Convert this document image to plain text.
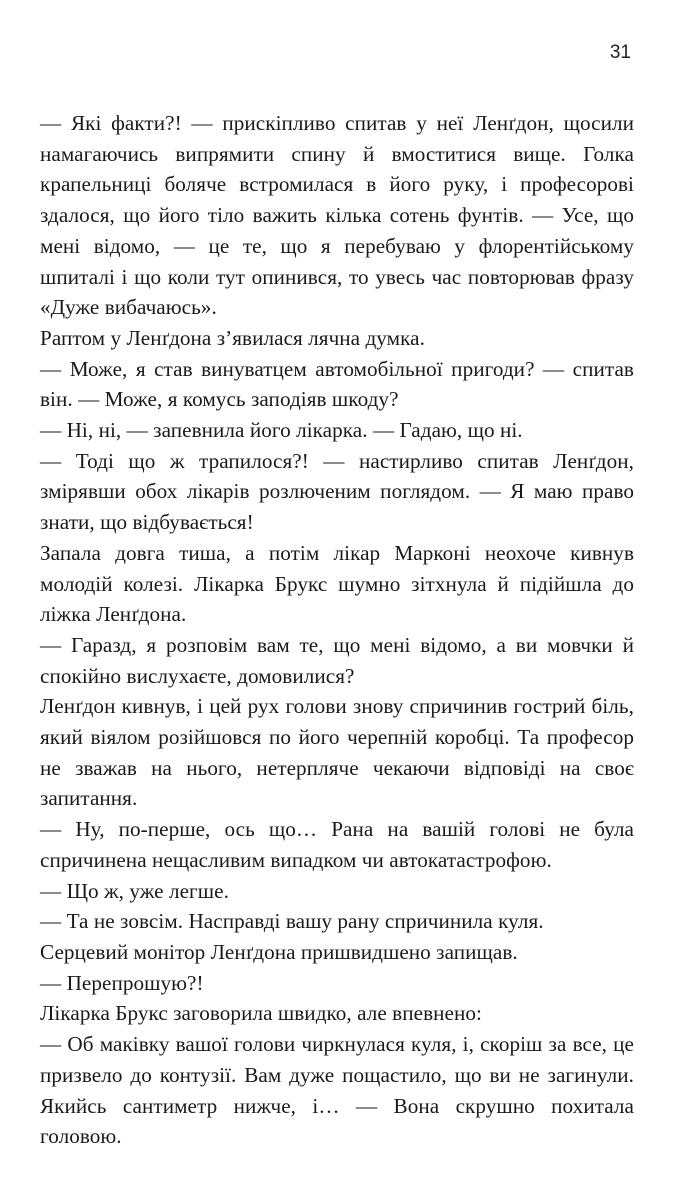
31

— Які факти?! — прискіпливо спитав у неї Ленґдон, щосили намагаючись випрямити спину й вмоститися вище. Голка крапельниці боляче встромилася в його руку, і професорові здалося, що його тіло важить кілька сотень фунтів. — Усе, що мені відомо, — це те, що я перебуваю у флорентійському шпиталі і що коли тут опинився, то увесь час повторював фразу «Дуже вибачаюсь».

Раптом у Ленґдона з’явилася лячна думка.

— Може, я став винуватцем автомобільної пригоди? — спитав він. — Може, я комусь заподіяв шкоду?

— Ні, ні, — запевнила його лікарка. — Гадаю, що ні.

— Тоді що ж трапилося?! — настирливо спитав Ленґдон, змірявши обох лікарів розлюченим поглядом. — Я маю право знати, що відбувається!

Запала довга тиша, а потім лікар Марконі неохоче кивнув молодій колезі. Лікарка Брукс шумно зітхнула й підійшла до ліжка Ленґдона.

— Гаразд, я розповім вам те, що мені відомо, а ви мовчки й спокійно вислухаєте, домовилися?

Ленґдон кивнув, і цей рух голови знову спричинив гострий біль, який віялом розійшовся по його черепній коробці. Та професор не зважав на нього, нетерпляче чекаючи відповіді на своє запитання.

— Ну, по-перше, ось що… Рана на вашій голові не була спричинена нещасливим випадком чи автокатастрофою.

— Що ж, уже легше.

— Та не зовсім. Насправді вашу рану спричинила куля.

Серцевий монітор Ленґдона пришвидшено запищав.

— Перепрошую?!

Лікарка Брукс заговорила швидко, але впевнено:

— Об маківку вашої голови чиркнулася куля, і, скоріш за все, це призвело до контузії. Вам дуже пощастило, що ви не загинули. Якийсь сантиметр нижче, і… — Вона скрушно похитала головою.
